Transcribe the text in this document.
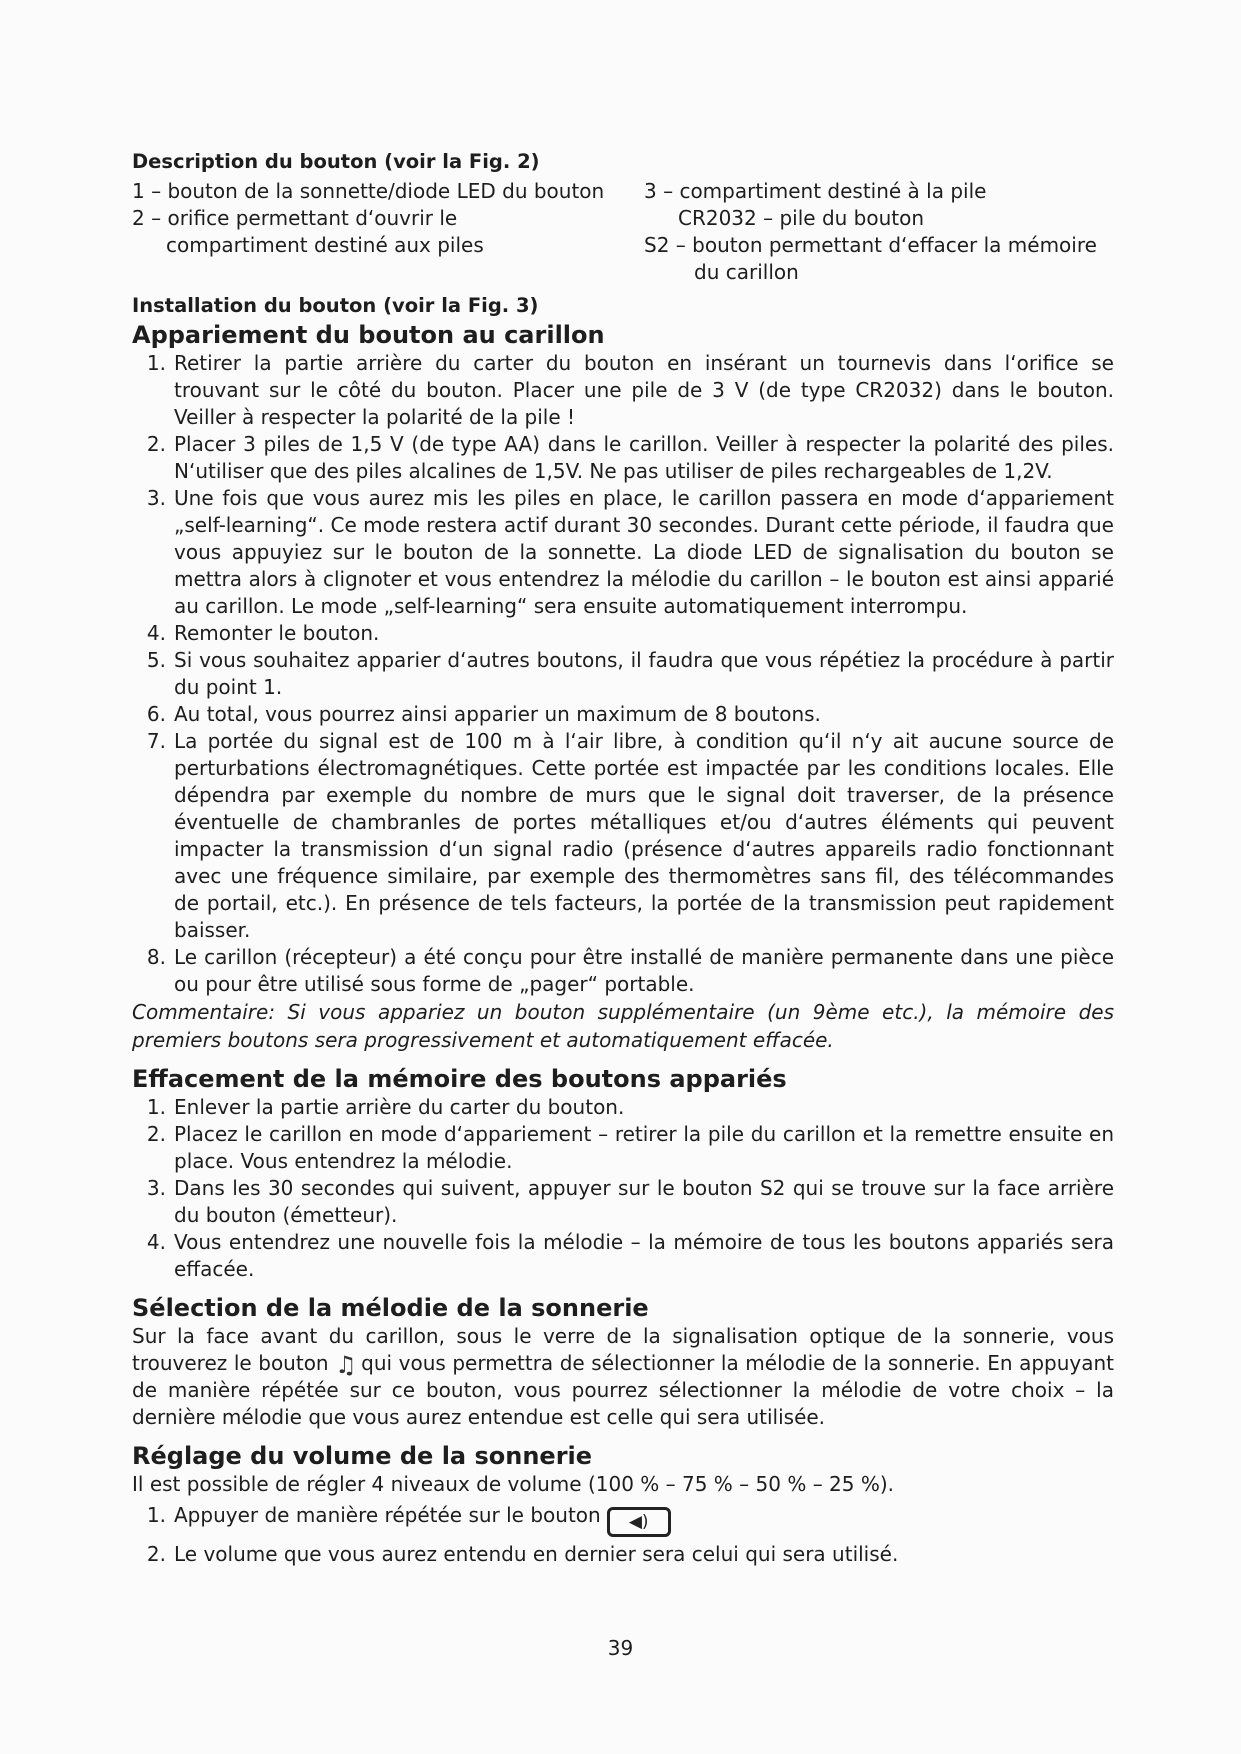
Description du bouton (voir la Fig. 2)
1 – bouton de la sonnette/diode LED du bouton
2 – orifice permettant d‘ouvrir le
compartiment destiné aux piles
3 – compartiment destiné à la pile
CR2032 – pile du bouton
S2 – bouton permettant d‘effacer la mémoire
du carillon
Installation du bouton (voir la Fig. 3)
Appariement du bouton au carillon
1. Retirer la partie arrière du carter du bouton en insérant un tournevis dans l‘orifice se trouvant sur le côté du bouton. Placer une pile de 3 V (de type CR2032) dans le bouton. Veiller à respecter la polarité de la pile !
2. Placer 3 piles de 1,5 V (de type AA) dans le carillon. Veiller à respecter la polarité des piles. N‘utiliser que des piles alcalines de 1,5V. Ne pas utiliser de piles rechargeables de 1,2V.
3. Une fois que vous aurez mis les piles en place, le carillon passera en mode d‘appariement „self-learning“. Ce mode restera actif durant 30 secondes. Durant cette période, il faudra que vous appuyiez sur le bouton de la sonnette. La diode LED de signalisation du bouton se mettra alors à clignoter et vous entendrez la mélodie du carillon – le bouton est ainsi apparié au carillon. Le mode „self-learning“ sera ensuite automatiquement interrompu.
4. Remonter le bouton.
5. Si vous souhaitez apparier d‘autres boutons, il faudra que vous répétiez la procédure à partir du point 1.
6. Au total, vous pourrez ainsi apparier un maximum de 8 boutons.
7. La portée du signal est de 100 m à l‘air libre, à condition qu‘il n‘y ait aucune source de perturbations électromagnétiques. Cette portée est impactée par les conditions locales. Elle dépendra par exemple du nombre de murs que le signal doit traverser, de la présence éventuelle de chambranles de portes métalliques et/ou d‘autres éléments qui peuvent impacter la transmission d‘un signal radio (présence d‘autres appareils radio fonctionnant avec une fréquence similaire, par exemple des thermomètres sans fil, des télécommandes de portail, etc.). En présence de tels facteurs, la portée de la transmission peut rapidement baisser.
8. Le carillon (récepteur) a été conçu pour être installé de manière permanente dans une pièce ou pour être utilisé sous forme de „pager“ portable.
Commentaire: Si vous appariez un bouton supplémentaire (un 9ème etc.), la mémoire des premiers boutons sera progressivement et automatiquement effacée.
Effacement de la mémoire des boutons appariés
1. Enlever la partie arrière du carter du bouton.
2. Placez le carillon en mode d‘appariement – retirer la pile du carillon et la remettre ensuite en place. Vous entendrez la mélodie.
3. Dans les 30 secondes qui suivent, appuyer sur le bouton S2 qui se trouve sur la face arrière du bouton (émetteur).
4. Vous entendrez une nouvelle fois la mélodie – la mémoire de tous les boutons appariés sera effacée.
Sélection de la mélodie de la sonnerie

Sur la face avant du carillon, sous le verre de la signalisation optique de la sonnerie, vous trouverez le bouton ♫ qui vous permettra de sélectionner la mélodie de la sonnerie. En appuyant de manière répétée sur ce bouton, vous pourrez sélectionner la mélodie de votre choix – la dernière mélodie que vous aurez entendue est celle qui sera utilisée.

Réglage du volume de la sonnerie

Il est possible de régler 4 niveaux de volume (100 % – 75 % – 50 % – 25 %).

1. Appuyer de manière répétée sur le bouton ◀)
2. Le volume que vous aurez entendu en dernier sera celui qui sera utilisé.
39
